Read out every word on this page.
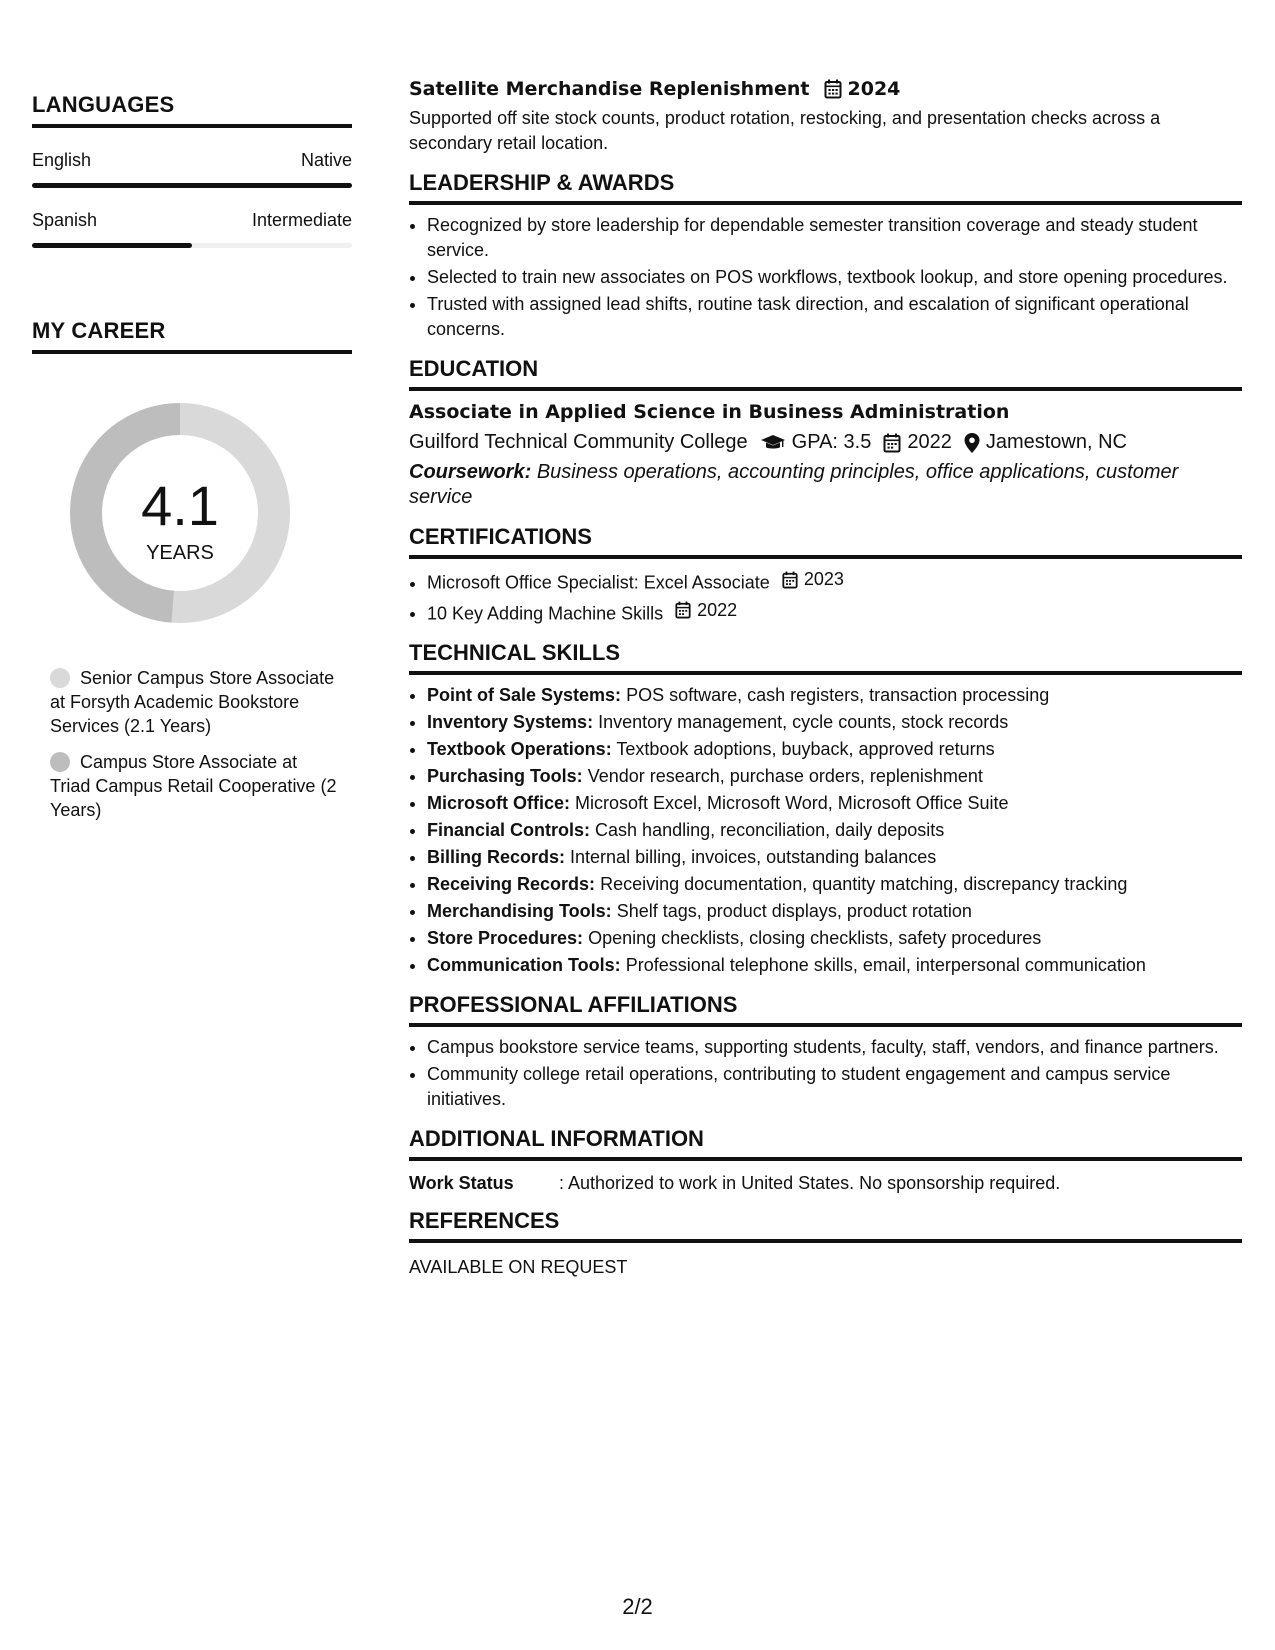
LANGUAGES
English	Native
Spanish	Intermediate
MY CAREER
4.1
YEARS
Senior Campus Store Associate at Forsyth Academic Bookstore Services (2.1 Years)
Campus Store Associate at Triad Campus Retail Cooperative (2 Years)
Satellite Merchandise Replenishment 2024

Supported off site stock counts, product rotation, restocking, and presentation checks across a secondary retail location.

LEADERSHIP & AWARDS
• Recognized by store leadership for dependable semester transition coverage and steady student service.
• Selected to train new associates on POS workflows, textbook lookup, and store opening procedures.
• Trusted with assigned lead shifts, routine task direction, and escalation of significant operational concerns.
EDUCATION
Associate in Applied Science in Business Administration
Guilford Technical Community College GPA: 3.5 2022 Jamestown, NC
Coursework: Business operations, accounting principles, office applications, customer service
CERTIFICATIONS
• Microsoft Office Specialist: Excel Associate 2023
• 10 Key Adding Machine Skills 2022
TECHNICAL SKILLS
• Point of Sale Systems: POS software, cash registers, transaction processing
• Inventory Systems: Inventory management, cycle counts, stock records
• Textbook Operations: Textbook adoptions, buyback, approved returns
• Purchasing Tools: Vendor research, purchase orders, replenishment
• Microsoft Office: Microsoft Excel, Microsoft Word, Microsoft Office Suite
• Financial Controls: Cash handling, reconciliation, daily deposits
• Billing Records: Internal billing, invoices, outstanding balances
• Receiving Records: Receiving documentation, quantity matching, discrepancy tracking
• Merchandising Tools: Shelf tags, product displays, product rotation
• Store Procedures: Opening checklists, closing checklists, safety procedures
• Communication Tools: Professional telephone skills, email, interpersonal communication
PROFESSIONAL AFFILIATIONS
• Campus bookstore service teams, supporting students, faculty, staff, vendors, and finance partners.
• Community college retail operations, contributing to student engagement and campus service initiatives.
ADDITIONAL INFORMATION
Work Status	: Authorized to work in United States. No sponsorship required.
REFERENCES
AVAILABLE ON REQUEST
2/2
